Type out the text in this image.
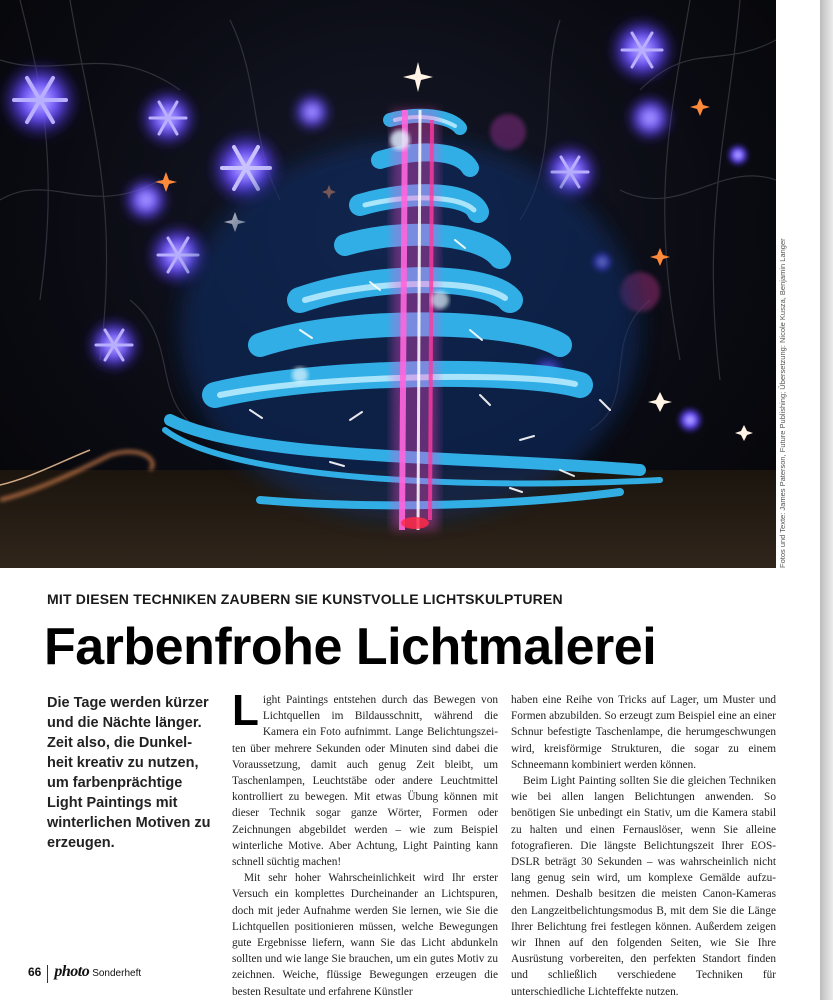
Fotos und Texte: James Paterson, Future Publishing; Übersetzung: Nicole Kusza, Benjamin Langer
MIT DIESEN TECHNIKEN ZAUBERN SIE KUNSTVOLLE LICHTSKULPTUREN
Farbenfrohe Lichtmalerei
Die Tage werden kürzer und die Nächte länger. Zeit also, die Dunkelheit kreativ zu nutzen, um farbenprächtige Light Paintings mit winterlichen Motiven zu erzeugen.

Light Paintings entstehen durch das Bewegen von Lichtquellen im Bildausschnitt, während die Kamera ein Foto aufnimmt. Lange Belichtungszeiten über mehrere Sekunden oder Minuten sind dabei die Voraussetzung, damit auch genug Zeit bleibt, um Taschenlampen, Leuchtstäbe oder andere Leuchtmittel kontrolliert zu bewegen. Mit etwas Übung können mit dieser Technik sogar ganze Wörter, Formen oder Zeichnungen abgebildet werden – wie zum Beispiel winterliche Motive. Aber Achtung, Light Painting kann schnell süchtig machen!

Mit sehr hoher Wahrscheinlichkeit wird Ihr erster Versuch ein komplettes Durcheinander an Lichtspuren, doch mit jeder Aufnahme werden Sie lernen, wie Sie die Lichtquellen positionieren müssen, welche Bewegungen gute Ergebnisse liefern, wann Sie das Licht abdunkeln sollten und wie lange Sie brauchen, um ein gutes Motiv zu zeichnen. Weiche, flüssige Bewegungen erzeugen die besten Resultate und erfahrene Künstler

haben eine Reihe von Tricks auf Lager, um Muster und Formen abzubilden. So erzeugt zum Beispiel eine an einer Schnur befestigte Taschenlampe, die herumgeschwungen wird, kreisförmige Strukturen, die sogar zu einem Schneemann kombiniert werden können.

Beim Light Painting sollten Sie die gleichen Techniken wie bei allen langen Belichtungen anwenden. So benötigen Sie unbedingt ein Stativ, um die Kamera stabil zu halten und einen Fernauslöser, wenn Sie alleine fotografieren. Die längste Belichtungszeit Ihrer EOS-DSLR beträgt 30 Sekunden – was wahrscheinlich nicht lang genug sein wird, um komplexe Gemälde aufzunehmen. Deshalb besitzen die meisten Canon-Kameras den Langzeitbelichtungsmodus B, mit dem Sie die Länge Ihrer Belichtung frei festlegen können. Außerdem zeigen wir Ihnen auf den folgenden Seiten, wie Sie Ihre Ausrüstung vorbereiten, den perfekten Standort finden und schließlich verschiedene Techniken für unterschiedliche Lichteffekte nutzen.

66 photo Sonderheft
